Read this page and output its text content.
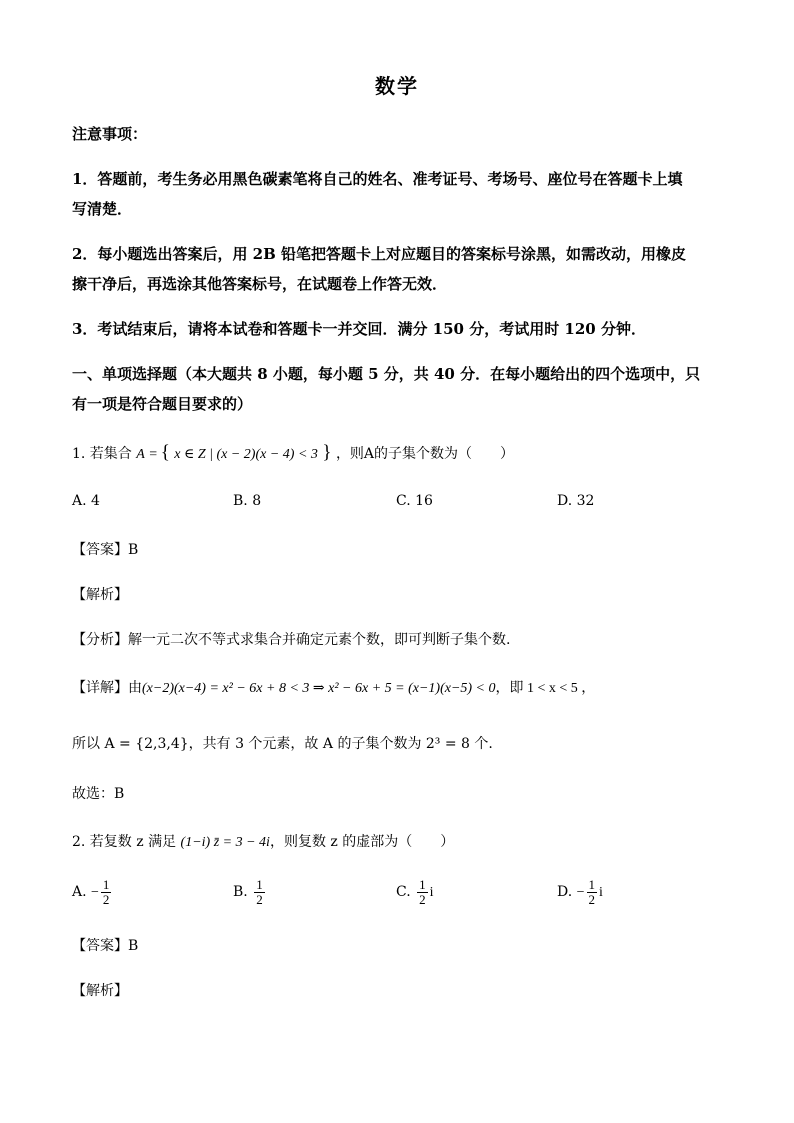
数学
注意事项：
1．答题前，考生务必用黑色碳素笔将自己的姓名、准考证号、考场号、座位号在答题卡上填
写清楚．
2．每小题选出答案后，用 2B 铅笔把答题卡上对应题目的答案标号涂黑，如需改动，用橡皮
擦干净后，再选涂其他答案标号，在试题卷上作答无效．
3．考试结束后，请将本试卷和答题卡一并交回．满分 150 分，考试用时 120 分钟．
一、单项选择题（本大题共 8 小题，每小题 5 分，共 40 分．在每小题给出的四个选项中，只
有一项是符合题目要求的）
1. 若集合 A = { x ∈ Z | (x − 2)(x − 4) < 3 } ，则A的子集个数为（　　）
A. 4	B. 8	C. 16	D. 32
【答案】B
【解析】
【分析】解一元二次不等式求集合并确定元素个数，即可判断子集个数.
【详解】由(x−2)(x−4) = x² − 6x + 8 < 3 ⇒ x² − 6x + 5 = (x−1)(x−5) < 0，即 1 < x < 5 ，
所以 A = {2,3,4}，共有 3 个元素，故 A 的子集个数为 2³ = 8 个.
故选：B
2. 若复数 z 满足 (1−i) z̄ = 3 − 4i，则复数 z 的虚部为（　　）
A. − $\frac{1}{2}$	B. $\frac{1}{2}$	C. $\frac{1}{2}$ i	D. − $\frac{1}{2}$ i
【答案】B
【解析】
